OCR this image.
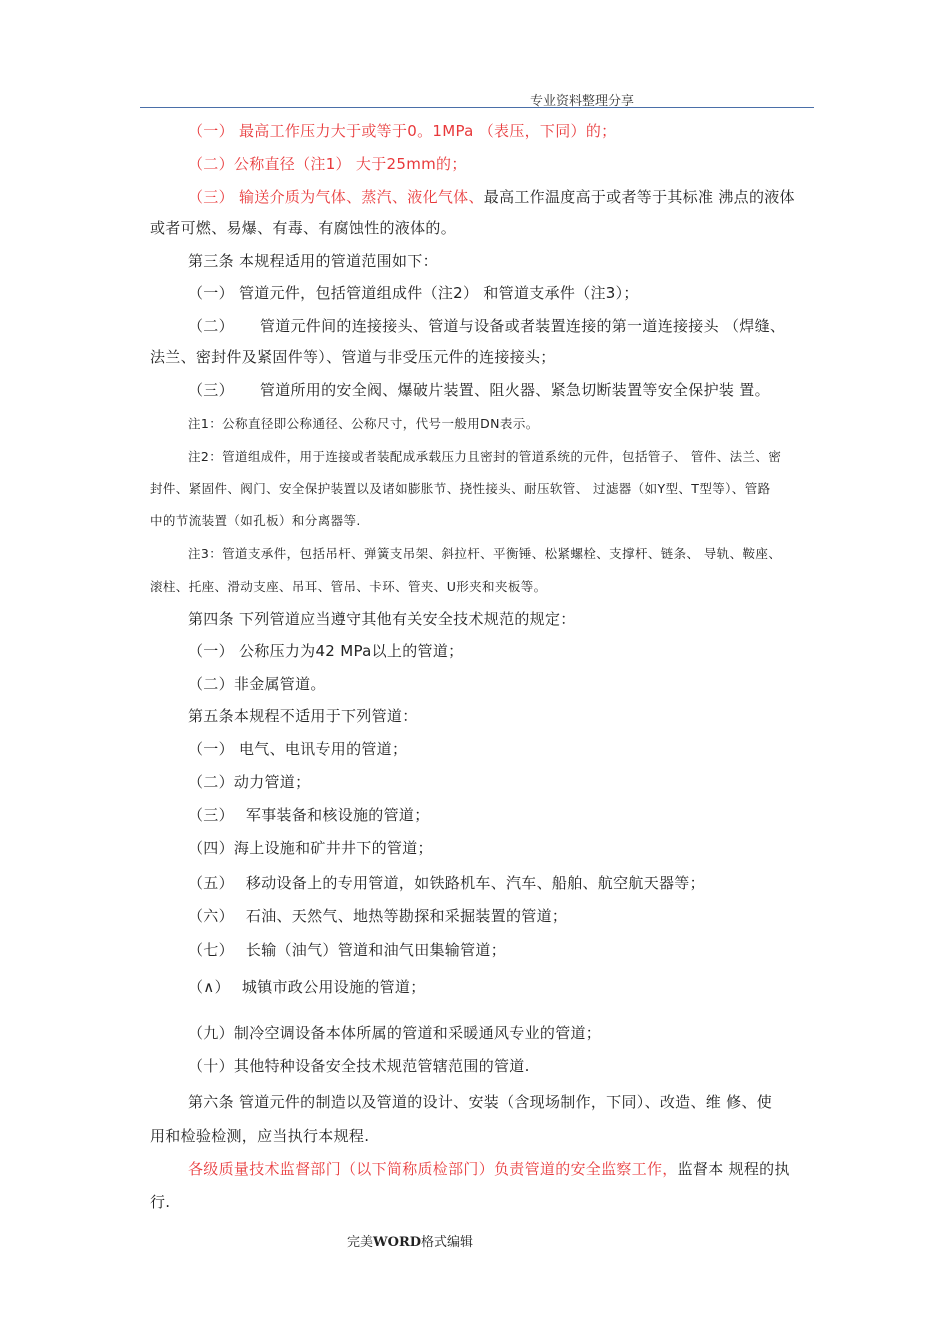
专业资料整理分享
（一） 最高工作压力大于或等于0。1MPa （表压，下同）的；
（二）公称直径（注1） 大于25mm的；
（三） 输送介质为气体、蒸汽、液化气体、最高工作温度高于或者等于其标准 沸点的液体
或者可燃、易爆、有毒、有腐蚀性的液体的。
第三条 本规程适用的管道范围如下：
（一） 管道元件，包括管道组成件（注2） 和管道支承件（注3）；
（二） 管道元件间的连接接头、管道与设备或者装置连接的第一道连接接头 （焊缝、
法兰、密封件及紧固件等）、管道与非受压元件的连接接头；
（三） 管道所用的安全阀、爆破片装置、阻火器、紧急切断装置等安全保护装 置。
注1：公称直径即公称通径、公称尺寸，代号一般用DN表示。
注2：管道组成件，用于连接或者装配成承载压力且密封的管道系统的元件，包括管子、 管件、法兰、密
封件、紧固件、阀门、安全保护装置以及诸如膨胀节、挠性接头、耐压软管、 过滤器（如Y型、T型等）、管路
中的节流装置（如孔板）和分离器等.
注3：管道支承件，包括吊杆、弹簧支吊架、斜拉杆、平衡锤、松紧螺栓、支撑杆、链条、 导轨、鞍座、
滚柱、托座、滑动支座、吊耳、管吊、卡环、管夹、U形夹和夹板等。
第四条 下列管道应当遵守其他有关安全技术规范的规定：
（一） 公称压力为42 MPa以上的管道；
（二）非金属管道。
第五条本规程不适用于下列管道：
（一） 电气、电讯专用的管道；
（二）动力管道；
（三） 军事装备和核设施的管道；
（四）海上设施和矿井井下的管道；
（五） 移动设备上的专用管道，如铁路机车、汽车、船舶、航空航天器等；
（六） 石油、天然气、地热等勘探和采掘装置的管道；
（七） 长输（油气）管道和油气田集输管道；
（∧） 城镇市政公用设施的管道；
（九）制冷空调设备本体所属的管道和采暖通风专业的管道；
（十）其他特种设备安全技术规范管辖范围的管道.
第六条 管道元件的制造以及管道的设计、安装（含现场制作，下同）、改造、维 修、使
用和检验检测，应当执行本规程.
各级质量技术监督部门（以下简称质检部门）负责管道的安全监察工作，监督本 规程的执
行.
完美WORD格式编辑
